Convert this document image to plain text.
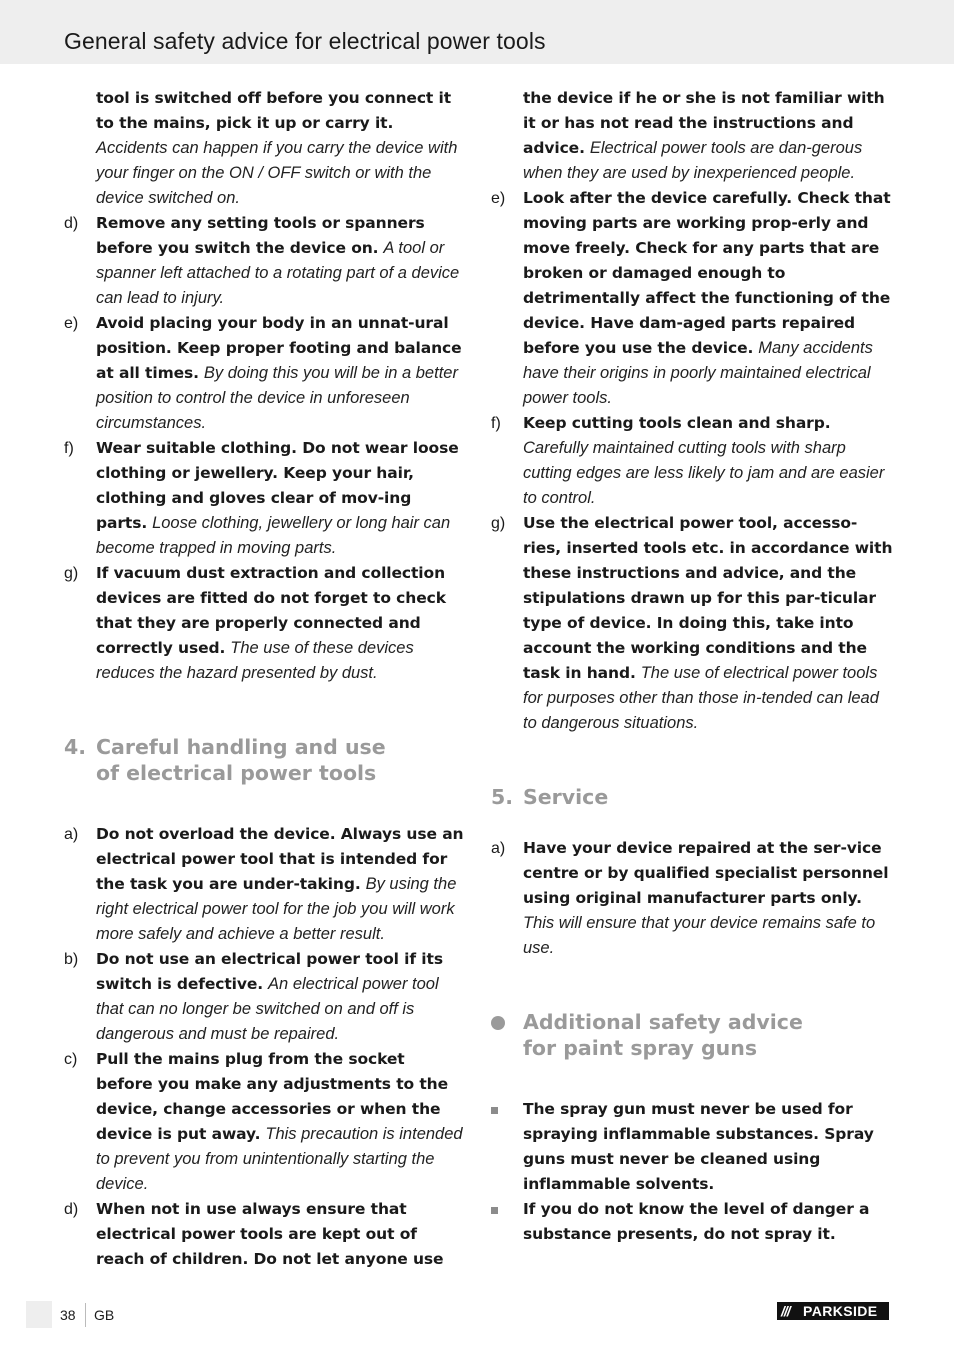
General safety advice for electrical power tools
tool is switched off before you connect it to the mains, pick it up or carry it. Accidents can happen if you carry the device with your finger on the ON / OFF switch or with the device switched on.
d) Remove any setting tools or spanners before you switch the device on. A tool or spanner left attached to a rotating part of a device can lead to injury.
e) Avoid placing your body in an unnat-ural position. Keep proper footing and balance at all times. By doing this you will be in a better position to control the device in unforeseen circumstances.
f) Wear suitable clothing. Do not wear loose clothing or jewellery. Keep your hair, clothing and gloves clear of mov-ing parts. Loose clothing, jewellery or long hair can become trapped in moving parts.
g) If vacuum dust extraction and collection devices are fitted do not forget to check that they are properly connected and correctly used. The use of these devices reduces the hazard presented by dust.
4. Careful handling and use
of electrical power tools
a) Do not overload the device. Always use an electrical power tool that is intended for the task you are under-taking. By using the right electrical power tool for the job you will work more safely and achieve a better result.
b) Do not use an electrical power tool if its switch is defective. An electrical power tool that can no longer be switched on and off is dangerous and must be repaired.
c) Pull the mains plug from the socket before you make any adjustments to the device, change accessories or when the device is put away. This precaution is intended to prevent you from unintentionally starting the device.
d) When not in use always ensure that electrical power tools are kept out of reach of children. Do not let anyone use
the device if he or she is not familiar with it or has not read the instructions and advice. Electrical power tools are dan-gerous when they are used by inexperienced people.
e) Look after the device carefully. Check that moving parts are working prop-erly and move freely. Check for any parts that are broken or damaged enough to detrimentally affect the functioning of the device. Have dam-aged parts repaired before you use the device. Many accidents have their origins in poorly maintained electrical power tools.
f) Keep cutting tools clean and sharp. Carefully maintained cutting tools with sharp cutting edges are less likely to jam and are easier to control.
g) Use the electrical power tool, accesso-ries, inserted tools etc. in accordance with these instructions and advice, and the stipulations drawn up for this par-ticular type of device. In doing this, take into account the working conditions and the task in hand. The use of electrical power tools for purposes other than those in-tended can lead to dangerous situations.
5. Service
a) Have your device repaired at the ser-vice centre or by qualified specialist personnel using original manufacturer parts only. This will ensure that your device remains safe to use.
Additional safety advice
for paint spray guns
The spray gun must never be used for spraying inflammable substances. Spray guns must never be cleaned using inflammable solvents.
If you do not know the level of danger a substance presents, do not spray it.
38 GB	/// PARKSIDE
